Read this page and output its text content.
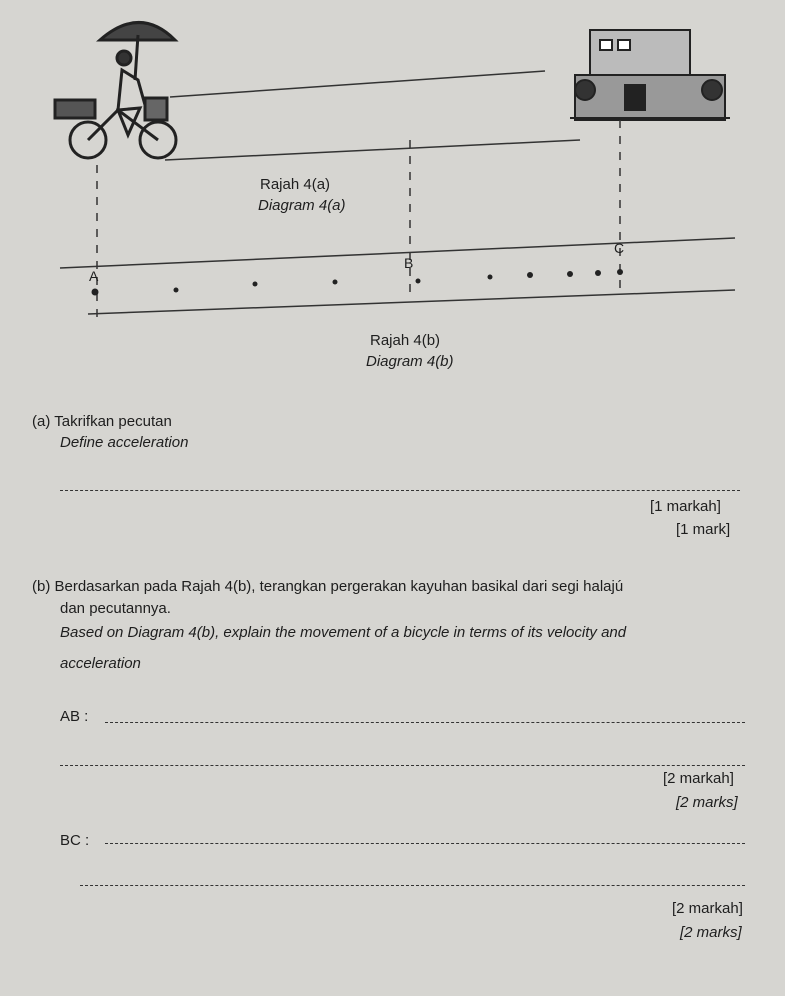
A
B
C
Rajah 4(a)
Diagram 4(a)
Rajah 4(b)
Diagram 4(b)
(a) Takrifkan pecutan
Define acceleration
[1 markah]
[1 mark]
(b) Berdasarkan pada Rajah 4(b), terangkan pergerakan kayuhan basikal dari segi halajú
dan pecutannya.
Based on Diagram 4(b), explain the movement of a bicycle in terms of its velocity and
acceleration
AB :
[2 markah]
[2 marks]
BC :
[2 markah]
[2 marks]
